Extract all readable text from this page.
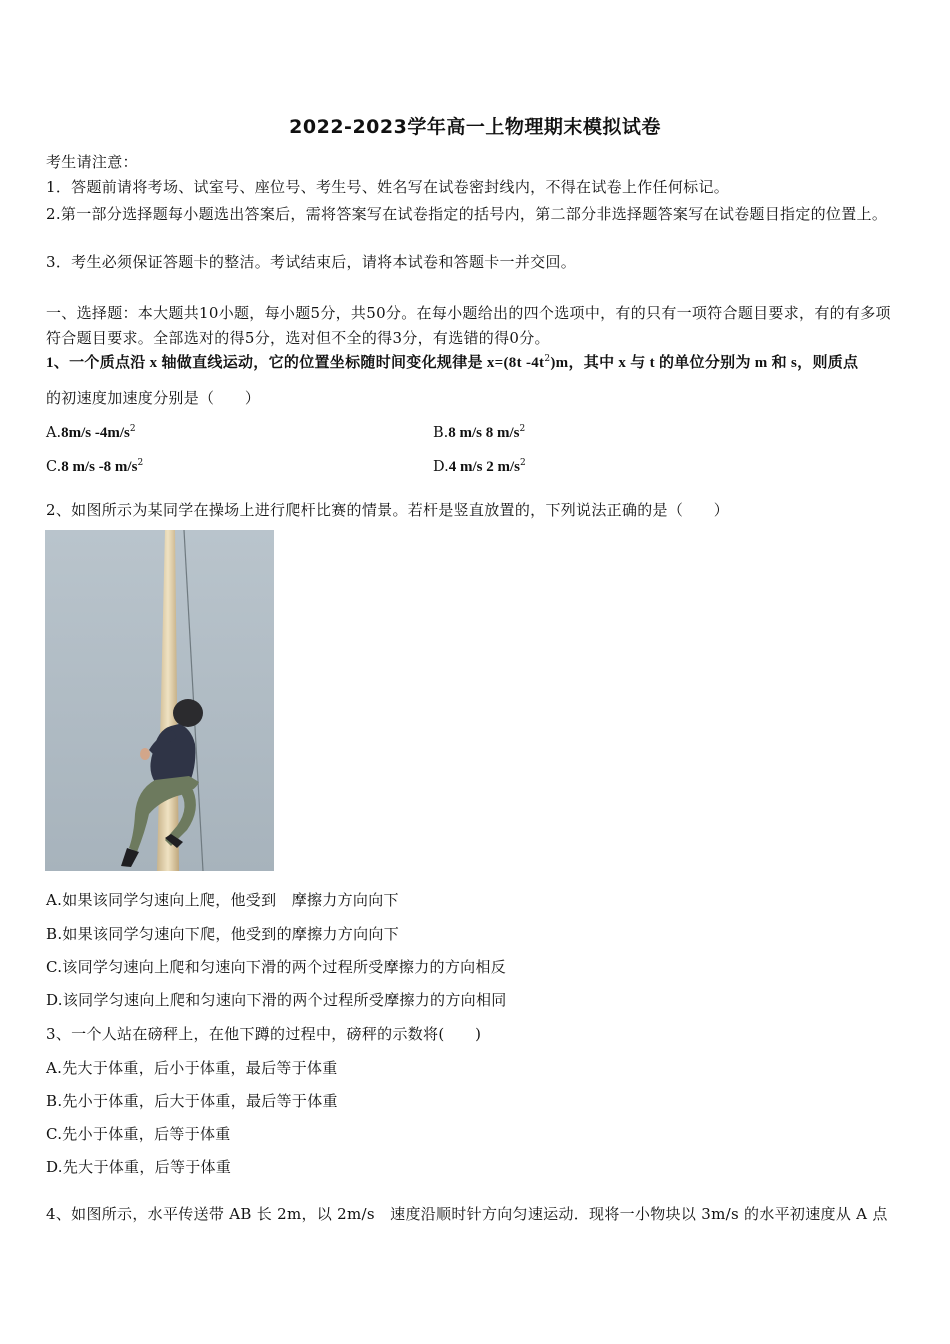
2022-2023学年高一上物理期末模拟试卷
考生请注意：
1．答题前请将考场、试室号、座位号、考生号、姓名写在试卷密封线内，不得在试卷上作任何标记。
2.第一部分选择题每小题选出答案后，需将答案写在试卷指定的括号内，第二部分非选择题答案写在试卷题目指定的位置上。
3．考生必须保证答题卡的整洁。考试结束后，请将本试卷和答题卡一并交回。
一、选择题：本大题共10小题，每小题5分，共50分。在每小题给出的四个选项中，有的只有一项符合题目要求，有的有多项符合题目要求。全部选对的得5分，选对但不全的得3分，有选错的得0分。
1、一个质点沿 x 轴做直线运动，它的位置坐标随时间变化规律是 x=(8t $-4t^2)m$，其中 x 与 t 的单位分别为 m 和 s，则质点
的初速度加速度分别是（　　）
A.8m/s $-4m/s^2$	B.8 m/s 8 $m/s^2$
C.8 m/s -8 $m/s^2$	D.4 m/s 2 $m/s^2$
2、如图所示为某同学在操场上进行爬杆比赛的情景。若杆是竖直放置的，下列说法正确的是（　　）
A.如果该同学匀速向上爬，他受到　摩擦力方向向下
B.如果该同学匀速向下爬，他受到的摩擦力方向向下
C.该同学匀速向上爬和匀速向下滑的两个过程所受摩擦力的方向相反
D.该同学匀速向上爬和匀速向下滑的两个过程所受摩擦力的方向相同
3、一个人站在磅秤上，在他下蹲的过程中，磅秤的示数将(　　)
A.先大于体重，后小于体重，最后等于体重
B.先小于体重，后大于体重，最后等于体重
C.先小于体重，后等于体重
D.先大于体重，后等于体重
4、如图所示，水平传送带 AB 长 2m，以 2m/s　速度沿顺时针方向匀速运动．现将一小物块以 3m/s 的水平初速度从 A 点
